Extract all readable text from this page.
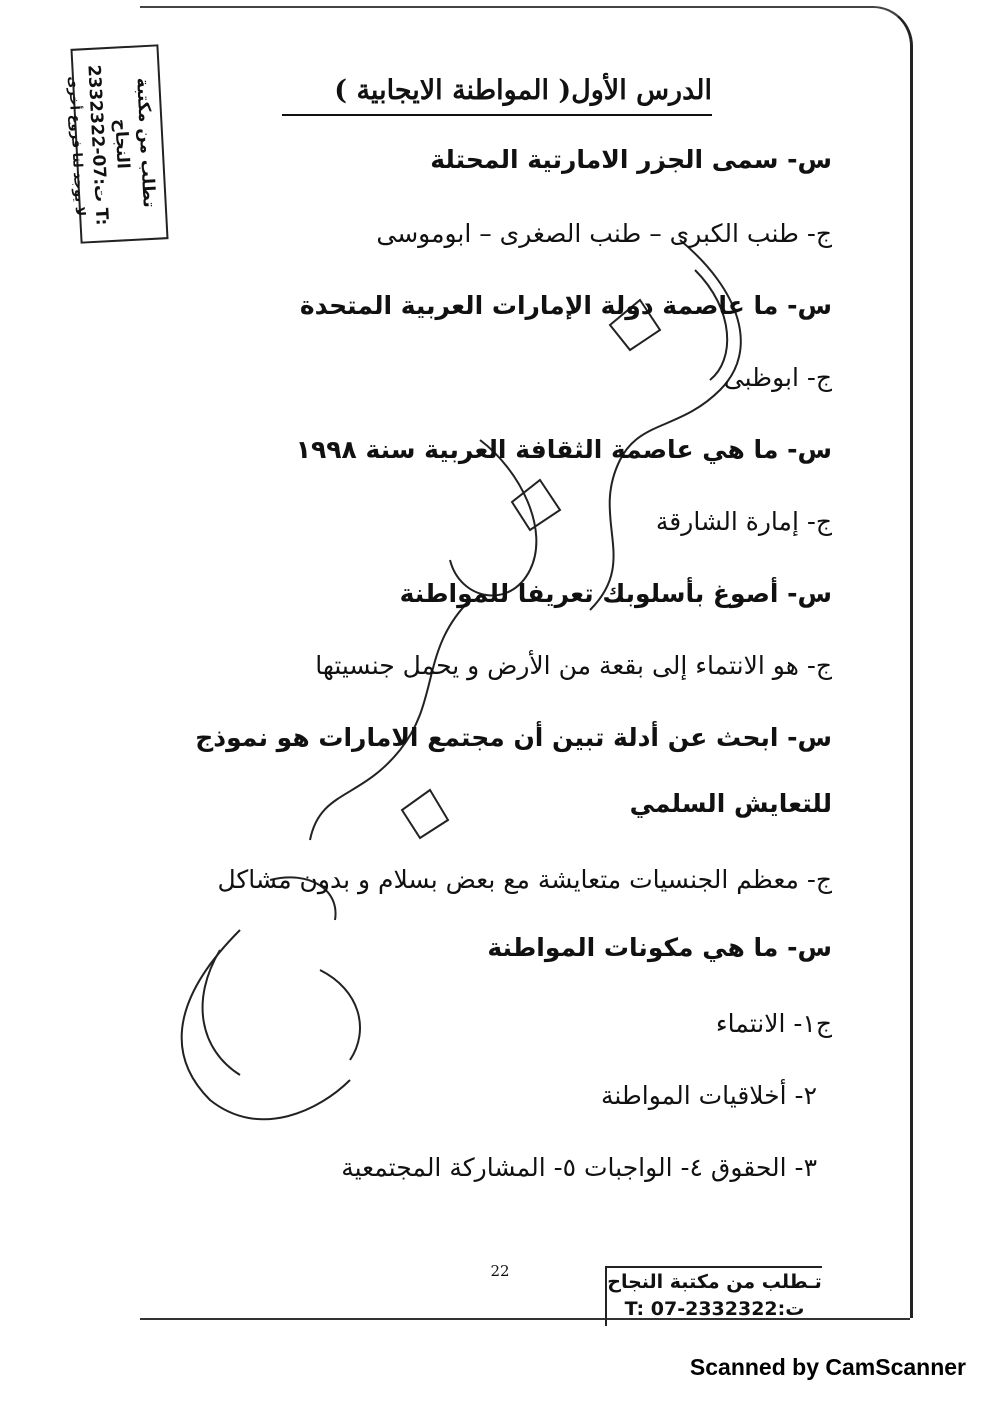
تطلب من مكتبة النجاح
ت:07-2332322 T:
لا يوجد لنا فروع أخرى	الدرس الأول( المواطنة الايجابية )
س- سمى الجزر الامارتية المحتلة
ج- طنب الكبرى – طنب الصغرى – ابوموسى
س- ما عاصمة دولة الإمارات العربية المتحدة
ج- ابوظبى
س- ما هي عاصمة الثقافة العربية سنة ١٩٩٨
ج- إمارة الشارقة
س- أصوغ بأسلوبك تعريفا للمواطنة
ج- هو الانتماء إلى بقعة من الأرض و يحمل جنسيتها
س- ابحث عن أدلة تبين أن مجتمع الامارات هو نموذج
للتعايش السلمي
ج- معظم الجنسيات متعايشة مع بعض بسلام و بدون مشاكل
س- ما هي مكونات المواطنة
ج١- الانتماء
٢- أخلاقيات المواطنة
٣- الحقوق ٤- الواجبات ٥- المشاركة المجتمعية
22	تـطلب من مكتبة النجاح
T: 07-2332322:ت
Scanned by CamScanner
